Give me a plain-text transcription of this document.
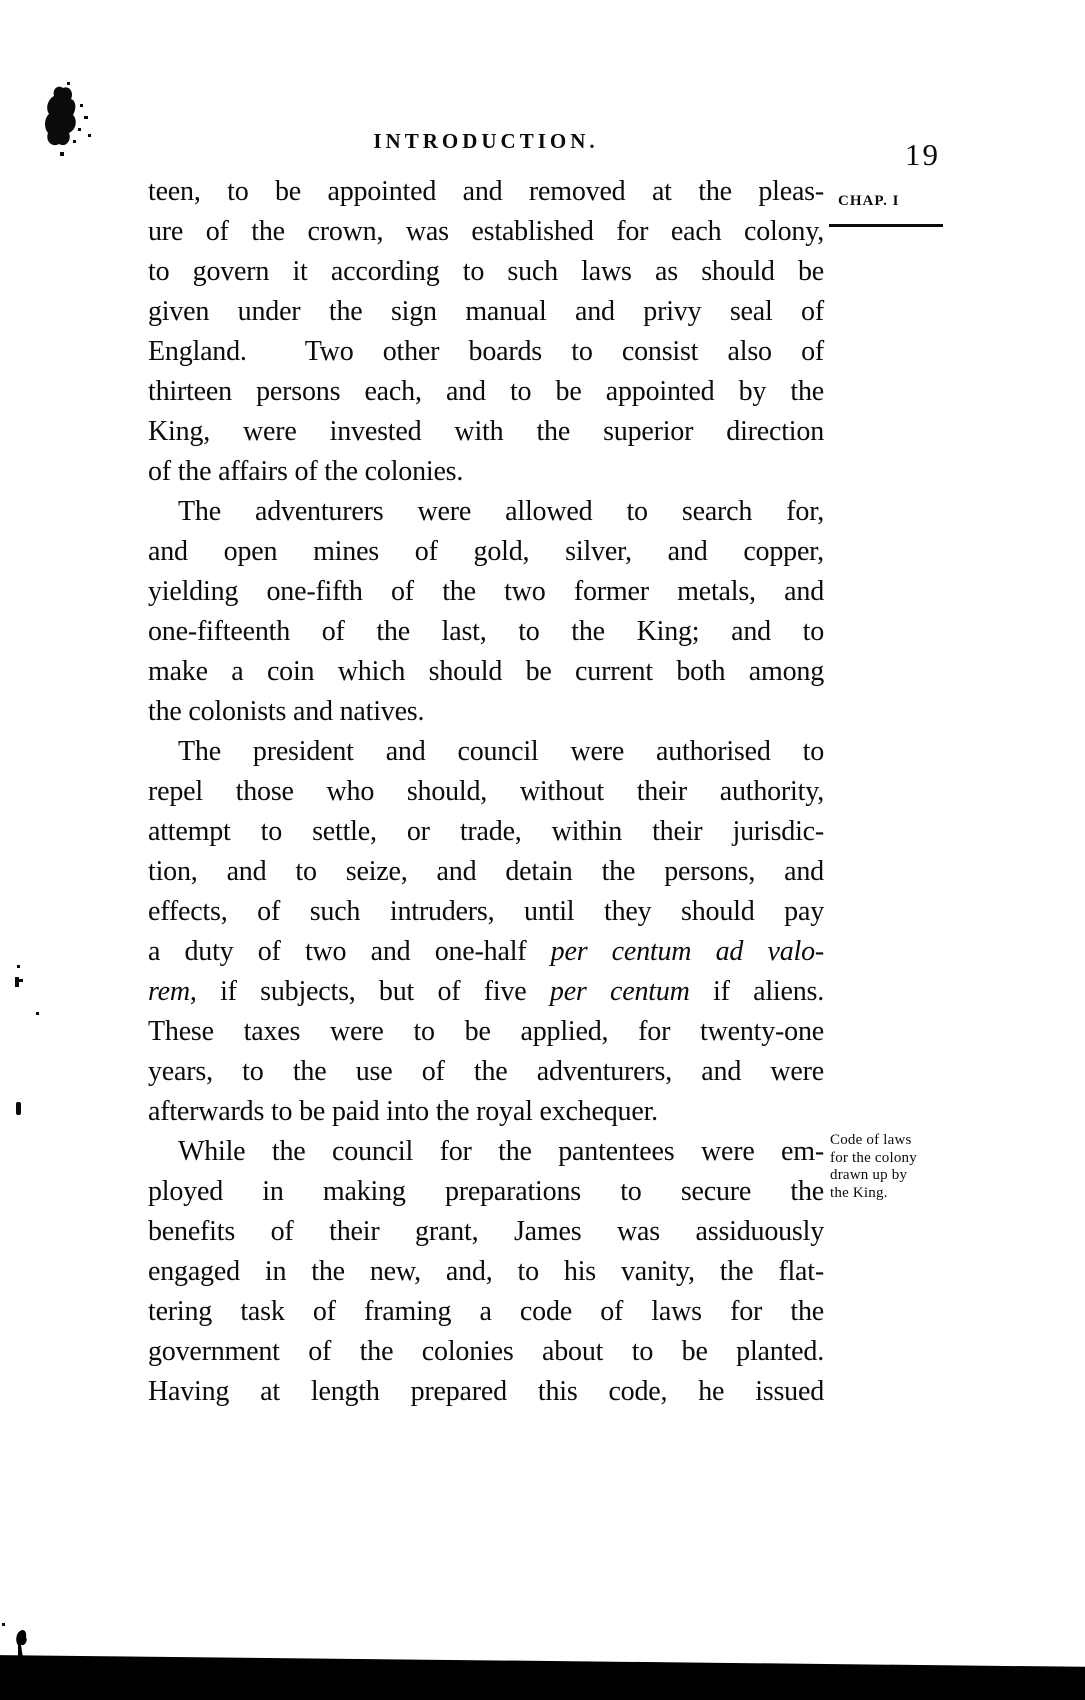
INTRODUCTION.	19
CHAP. I
teen, to be appointed and removed at the pleas-
ure of the crown, was established for each colony,
to govern it according to such laws as should be
given under the sign manual and privy seal of
England.  Two other boards to consist also of
thirteen persons each, and to be appointed by the
King, were invested with the superior direction
of the affairs of the colonies.
The adventurers were allowed to search for,
and open mines of gold, silver, and copper,
yielding one-fifth of the two former metals, and
one-fifteenth of the last, to the King; and to
make a coin which should be current both among
the colonists and natives.
The president and council were authorised to
repel those who should, without their authority,
attempt to settle, or trade, within their jurisdic-
tion, and to seize, and detain the persons, and
effects, of such intruders, until they should pay
a duty of two and one-half per centum ad valo-
rem, if subjects, but of five per centum if aliens.
These taxes were to be applied, for twenty-one
years, to the use of the adventurers, and were
afterwards to be paid into the royal exchequer.
While the council for the pantentees were em-
ployed in making preparations to secure the
benefits of their grant, James was assiduously
engaged in the new, and, to his vanity, the flat-
tering task of framing a code of laws for the
government of the colonies about to be planted.
Having at length prepared this code, he issued
Code of laws
for the colony
drawn up by
the King.
